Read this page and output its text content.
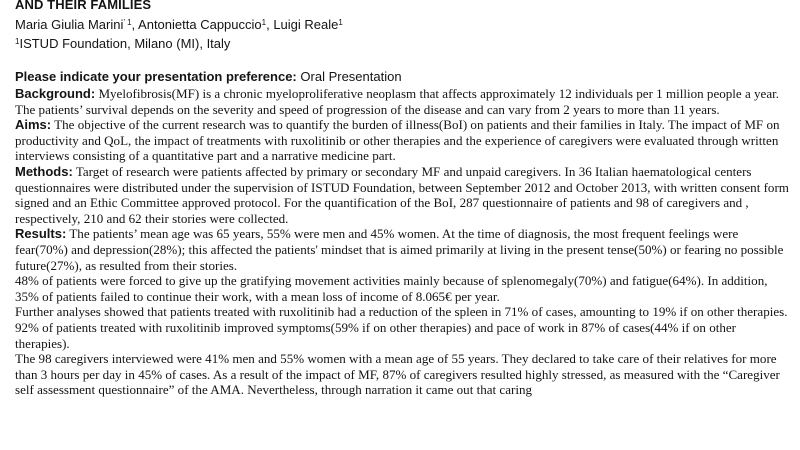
AND THEIR FAMILIES
Maria Giulia Marini$^{’ 1}$, Antonietta Cappuccio$^1$, Luigi Reale$^1$
$^1$ISTUD Foundation, Milano (MI), Italy
Please indicate your presentation preference: Oral Presentation

Background: Myelofibrosis(MF) is a chronic myeloproliferative neoplasm that affects approximately 12 individuals per 1 million people a year. The patients’ survival depends on the severity and speed of progression of the disease and can vary from 2 years to more than 11 years.

Aims: The objective of the current research was to quantify the burden of illness(BoI) on patients and their families in Italy. The impact of MF on productivity and QoL, the impact of treatments with ruxolitinib or other therapies and the experience of caregivers were evaluated through written interviews consisting of a quantitative part and a narrative medicine part.

Methods: Target of research were patients affected by primary or secondary MF and unpaid caregivers. In 36 Italian haematological centers questionnaires were distributed under the supervision of ISTUD Foundation, between September 2012 and October 2013, with written consent form signed and an Ethic Committee approved protocol. For the quantification of the BoI, 287 questionnaire of patients and 98 of caregivers and , respectively, 210 and 62 their stories were collected.

Results: The patients’ mean age was 65 years, 55% were men and 45% women. At the time of diagnosis, the most frequent feelings were fear(70%) and depression(28%); this affected the patients' mindset that is aimed primarily at living in the present tense(50%) or fearing no possible future(27%), as resulted from their stories.

48% of patients were forced to give up the gratifying movement activities mainly because of splenomegaly(70%) and fatigue(64%). In addition, 35% of patients failed to continue their work, with a mean loss of income of 8.065€ per year.

Further analyses showed that patients treated with ruxolitinib had a reduction of the spleen in 71% of cases, amounting to 19% if on other therapies. 92% of patients treated with ruxolitinib improved symptoms(59% if on other therapies) and pace of work in 87% of cases(44% if on other therapies).

The 98 caregivers interviewed were 41% men and 55% women with a mean age of 55 years. They declared to take care of their relatives for more than 3 hours per day in 45% of cases. As a result of the impact of MF, 87% of caregivers resulted highly stressed, as measured with the “Caregiver self assessment questionnaire” of the AMA. Nevertheless, through narration it came out that caring
